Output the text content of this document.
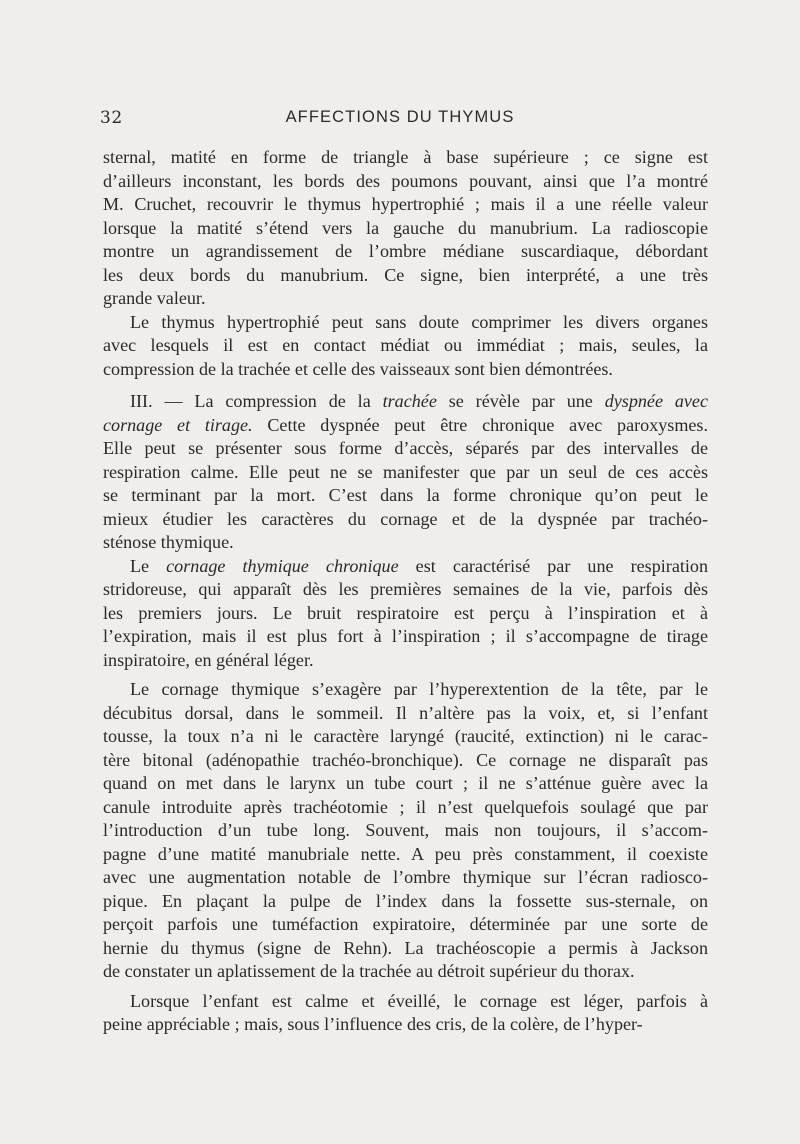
32	AFFECTIONS DU THYMUS
sternal, matité en forme de triangle à base supérieure ; ce signe est
d’ailleurs inconstant, les bords des poumons pouvant, ainsi que l’a montré
M. Cruchet, recouvrir le thymus hypertrophié ; mais il a une réelle valeur
lorsque la matité s’étend vers la gauche du manubrium. La radioscopie
montre un agrandissement de l’ombre médiane suscardiaque, débordant
les deux bords du manubrium. Ce signe, bien interprété, a une très
grande valeur.
Le thymus hypertrophié peut sans doute comprimer les divers organes
avec lesquels il est en contact médiat ou immédiat ; mais, seules, la
compression de la trachée et celle des vaisseaux sont bien démontrées.
III. — La compression de la trachée se révèle par une dyspnée avec
cornage et tirage. Cette dyspnée peut être chronique avec paroxysmes.
Elle peut se présenter sous forme d’accès, séparés par des intervalles de
respiration calme. Elle peut ne se manifester que par un seul de ces accès
se terminant par la mort. C’est dans la forme chronique qu’on peut le
mieux étudier les caractères du cornage et de la dyspnée par trachéo-
sténose thymique.
Le cornage thymique chronique est caractérisé par une respiration
stridoreuse, qui apparaît dès les premières semaines de la vie, parfois dès
les premiers jours. Le bruit respiratoire est perçu à l’inspiration et à
l’expiration, mais il est plus fort à l’inspiration ; il s’accompagne de tirage
inspiratoire, en général léger.
Le cornage thymique s’exagère par l’hyperextention de la tête, par le
décubitus dorsal, dans le sommeil. Il n’altère pas la voix, et, si l’enfant
tousse, la toux n’a ni le caractère laryngé (raucité, extinction) ni le carac-
tère bitonal (adénopathie trachéo-bronchique). Ce cornage ne disparaît pas
quand on met dans le larynx un tube court ; il ne s’atténue guère avec la
canule introduite après trachéotomie ; il n’est quelquefois soulagé que par
l’introduction d’un tube long. Souvent, mais non toujours, il s’accom-
pagne d’une matité manubriale nette. A peu près constamment, il coexiste
avec une augmentation notable de l’ombre thymique sur l’écran radiosco-
pique. En plaçant la pulpe de l’index dans la fossette sus-sternale, on
perçoit parfois une tuméfaction expiratoire, déterminée par une sorte de
hernie du thymus (signe de Rehn). La trachéoscopie a permis à Jackson
de constater un aplatissement de la trachée au détroit supérieur du thorax.
Lorsque l’enfant est calme et éveillé, le cornage est léger, parfois à
peine appréciable ; mais, sous l’influence des cris, de la colère, de l’hyper-
